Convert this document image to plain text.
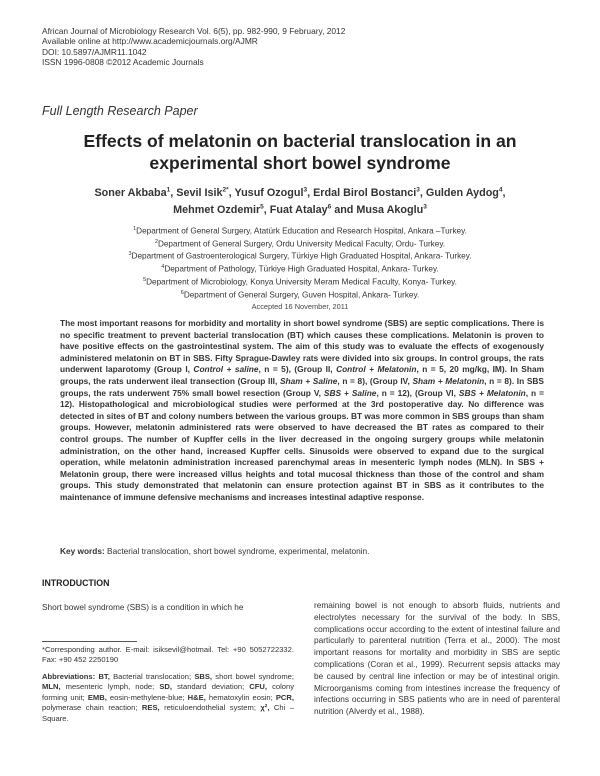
African Journal of Microbiology Research Vol. 6(5), pp. 982-990, 9 February, 2012
Available online at http://www.academicjournals.org/AJMR
DOI: 10.5897/AJMR11.1042
ISSN 1996-0808 ©2012 Academic Journals
Full Length Research Paper
Effects of melatonin on bacterial translocation in an experimental short bowel syndrome
Soner Akbaba$^1$, Sevil Isik$^{2*}$, Yusuf Ozogul$^3$, Erdal Birol Bostanci$^3$, Gulden Aydog$^4$,
Mehmet Ozdemir$^5$, Fuat Atalay$^6$ and Musa Akoglu$^3$
$^1$Department of General Surgery, Atatürk Education and Research Hospital, Ankara –Turkey.
$^2$Department of General Surgery, Ordu University Medical Faculty, Ordu- Turkey.
$^3$Department of Gastroenterological Surgery, Türkiye High Graduated Hospital, Ankara- Turkey.
$^4$Department of Pathology, Türkiye High Graduated Hospital, Ankara- Turkey.
$^5$Department of Microbiology, Konya University Meram Medical Faculty, Konya- Turkey.
$^6$Department of General Surgery, Guven Hospital, Ankara- Turkey.
Accepted 16 November, 2011
The most important reasons for morbidity and mortality in short bowel syndrome (SBS) are septic complications. There is no specific treatment to prevent bacterial translocation (BT) which causes these complications. Melatonin is proven to have positive effects on the gastrointestinal system. The aim of this study was to evaluate the effects of exogenously administered melatonin on BT in SBS. Fifty Sprague-Dawley rats were divided into six groups. In control groups, the rats underwent laparotomy (Group I, Control + saline, n = 5), (Group II, Control + Melatonin, n = 5, 20 mg/kg, IM). In Sham groups, the rats underwent ileal transection (Group III, Sham + Saline, n = 8), (Group IV, Sham + Melatonin, n = 8). In SBS groups, the rats underwent 75% small bowel resection (Group V, SBS + Saline, n = 12), (Group VI, SBS + Melatonin, n = 12). Histopathological and microbiological studies were performed at the 3rd postoperative day. No difference was detected in sites of BT and colony numbers between the various groups. BT was more common in SBS groups than sham groups. However, melatonin administered rats were observed to have decreased the BT rates as compared to their control groups. The number of Kupffer cells in the liver decreased in the ongoing surgery groups while melatonin administration, on the other hand, increased Kupffer cells. Sinusoids were observed to expand due to the surgical operation, while melatonin administration increased parenchymal areas in mesenteric lymph nodes (MLN). In SBS + Melatonin group, there were increased villus heights and total mucosal thickness than those of the control and sham groups. This study demonstrated that melatonin can ensure protection against BT in SBS as it contributes to the maintenance of immune defensive mechanisms and increases intestinal adaptive response.
Key words: Bacterial translocation, short bowel syndrome, experimental, melatonin.
INTRODUCTION
Short bowel syndrome (SBS) is a condition in which he
*Corresponding author. E-mail: isiksevil@hotmail. Tel: +90 5052722332. Fax: +90 452 2250190
Abbreviations: BT, Bacterial translocation; SBS, short bowel syndrome; MLN, mesenteric lymph, node; SD, standard deviation; CFU, colony forming unit; EMB, eosin-methylene-blue; H&E, hematoxylin eosin; PCR, polymerase chain reaction; RES, reticuloendothelial system; χ², Chi –Square.
remaining bowel is not enough to absorb fluids, nutrients and electrolytes necessary for the survival of the body. In SBS, complications occur according to the extent of intestinal failure and particularly to parenteral nutrition (Terra et al., 2000). The most important reasons for mortality and morbidity in SBS are septic complications (Coran et al., 1999). Recurrent sepsis attacks may be caused by central line infection or may be of intestinal origin. Microorganisms coming from intestines increase the frequency of infections occurring in SBS patients who are in need of parenteral nutrition (Alverdy et al., 1988).
